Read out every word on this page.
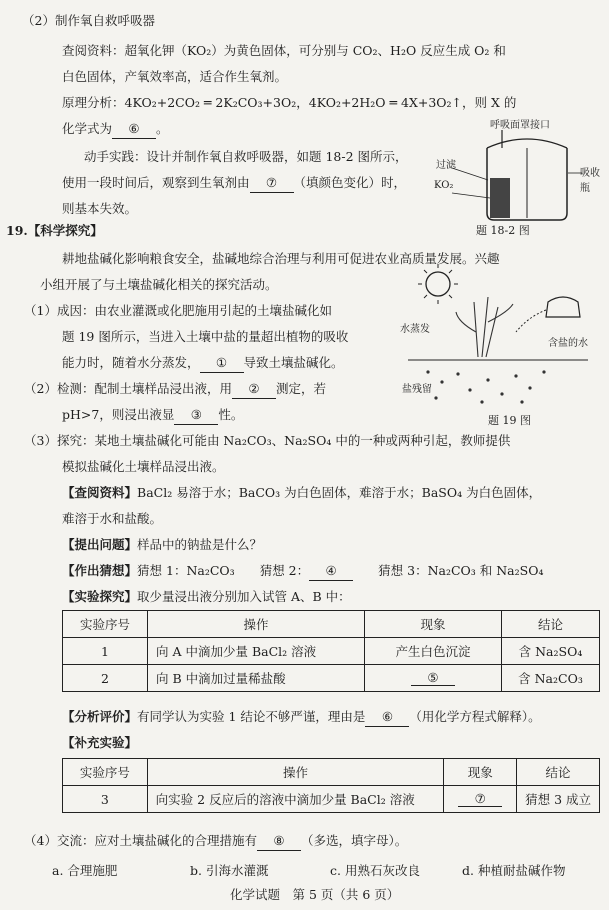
（2）制作氧自救呼吸器
查阅资料：超氧化钾（KO₂）为黄色固体，可分别与 CO₂、H₂O 反应生成 O₂ 和
白色固体，产氧效率高，适合作生氧剂。
原理分析：4KO₂+2CO₂ ═ 2K₂CO₃+3O₂，4KO₂+2H₂O ═ 4X+3O₂↑，则 X 的
化学式为 ⑥ 。
动手实践：设计并制作氧自救呼吸器，如题 18-2 图所示，
使用一段时间后，观察到生氧剂由 ⑦ （填颜色变化）时，
则基本失效。
呼吸面罩接口
过滤
KO₂
吸收瓶
题 18-2 图
19.【科学探究】
耕地盐碱化影响粮食安全，盐碱地综合治理与利用可促进农业高质量发展。兴趣
小组开展了与土壤盐碱化相关的探究活动。
（1）成因：由农业灌溉或化肥施用引起的土壤盐碱化如
题 19 图所示，当进入土壤中盐的量超出植物的吸收
能力时，随着水分蒸发， ① 导致土壤盐碱化。
（2）检测：配制土壤样品浸出液，用 ② 测定，若
pH>7，则浸出液显 ③ 性。
水蒸发
盐残留
含盐的水
题 19 图
（3）探究：某地土壤盐碱化可能由 Na₂CO₃、Na₂SO₄ 中的一种或两种引起，教师提供
模拟盐碱化土壤样品浸出液。
【查阅资料】BaCl₂ 易溶于水；BaCO₃ 为白色固体，难溶于水；BaSO₄ 为白色固体，
难溶于水和盐酸。
【提出问题】样品中的钠盐是什么？
【作出猜想】猜想 1：Na₂CO₃　　 猜想 2： ④　　	猜想 3：Na₂CO₃ 和 Na₂SO₄
【实验探究】取少量浸出液分别加入试管 A、B 中：
实验序号	操作	现象	结论
1	向 A 中滴加少量 BaCl₂ 溶液	产生白色沉淀	含 Na₂SO₄
2	向 B 中滴加过量稀盐酸	⑤	含 Na₂CO₃
【分析评价】有同学认为实验 1 结论不够严谨，理由是 ⑥ （用化学方程式解释）。
【补充实验】
实验序号	操作	现象	结论
3	向实验 2 反应后的溶液中滴加少量 BaCl₂ 溶液	⑦	猜想 3 成立
（4）交流：应对土壤盐碱化的合理措施有 ⑧ （多选，填字母）。
a. 合理施肥	b. 引海水灌溉	c. 用熟石灰改良	d. 种植耐盐碱作物
化学试题　第 5 页（共 6 页）
